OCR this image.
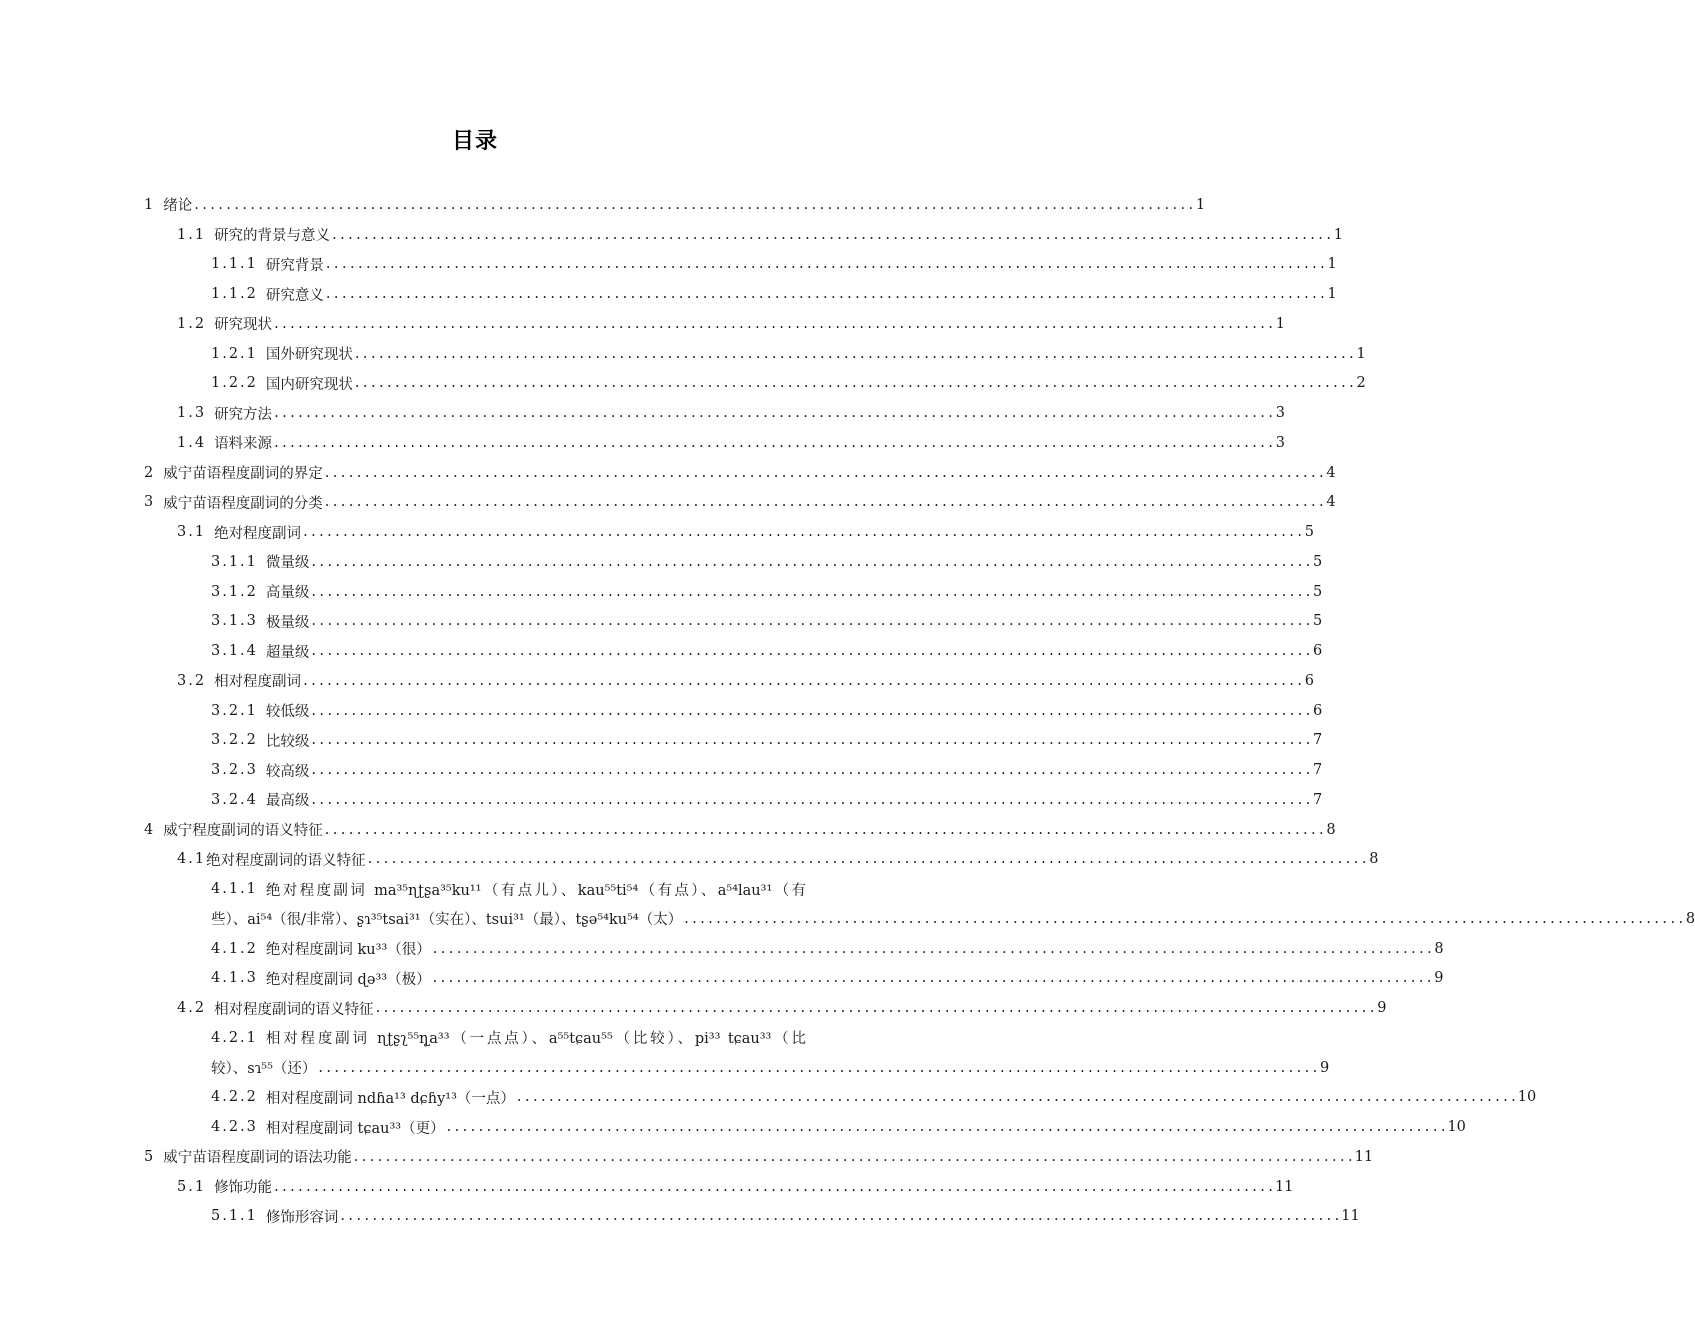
目录
1 绪论 . . .	1
1.1 研究的背景与意义 . . .	1
1.1.1 研究背景 . . .	1
1.1.2 研究意义 . . .	1
1.2 研究现状 . . .	1
1.2.1 国外研究现状 . . .	1
1.2.2 国内研究现状 . . .	2
1.3 研究方法 . . .	3
1.4 语料来源 . . .	3
2 威宁苗语程度副词的界定 . . .	4
3 威宁苗语程度副词的分类 . . .	4
3.1 绝对程度副词 . . .	5
3.1.1 微量级 . . .	5
3.1.2 高量级 . . .	5
3.1.3 极量级 . . .	5
3.1.4 超量级 . . .	6
3.2 相对程度副词 . . .	6
3.2.1 较低级 . . .	6
3.2.2 比较级 . . .	7
3.2.3 较高级 . . .	7
3.2.4 最高级 . . .	7
4 威宁程度副词的语义特征 . . .	8
4.1 绝对程度副词的语义特征 . . .	8
4.1.1 绝对程度副词 ma³⁵ɳʈʂa³⁵ku¹¹（有点儿）、kau⁵⁵ti⁵⁴（有点）、a⁵⁴lau³¹（有
些）、ai⁵⁴（很/非常）、ʂɿ³⁵tsai³¹（实在）、tsui³¹（最）、tʂə⁵⁴ku⁵⁴（太） . . .	8
4.1.2 绝对程度副词 ku³³（很） . . .	8
4.1.3 绝对程度副词 ɖə³³（极） . . .	9
4.2 相对程度副词的语义特征 . . .	9
4.2.1 相对程度副词 ɳʈʂʅ⁵⁵ɳ̥a³³（一点点）、a⁵⁵tɕau⁵⁵（比较）、pi³³ tɕau³³（比
较）、sɿ⁵⁵（还） . . .	9
4.2.2 相对程度副词 ndɦa¹³ dɕɦy¹³（一点） . . .	10
4.2.3 相对程度副词 tɕau³³（更） . . .	10
5 威宁苗语程度副词的语法功能 . . .	11
5.1 修饰功能 . . .	11
5.1.1 修饰形容词 . . .	11
